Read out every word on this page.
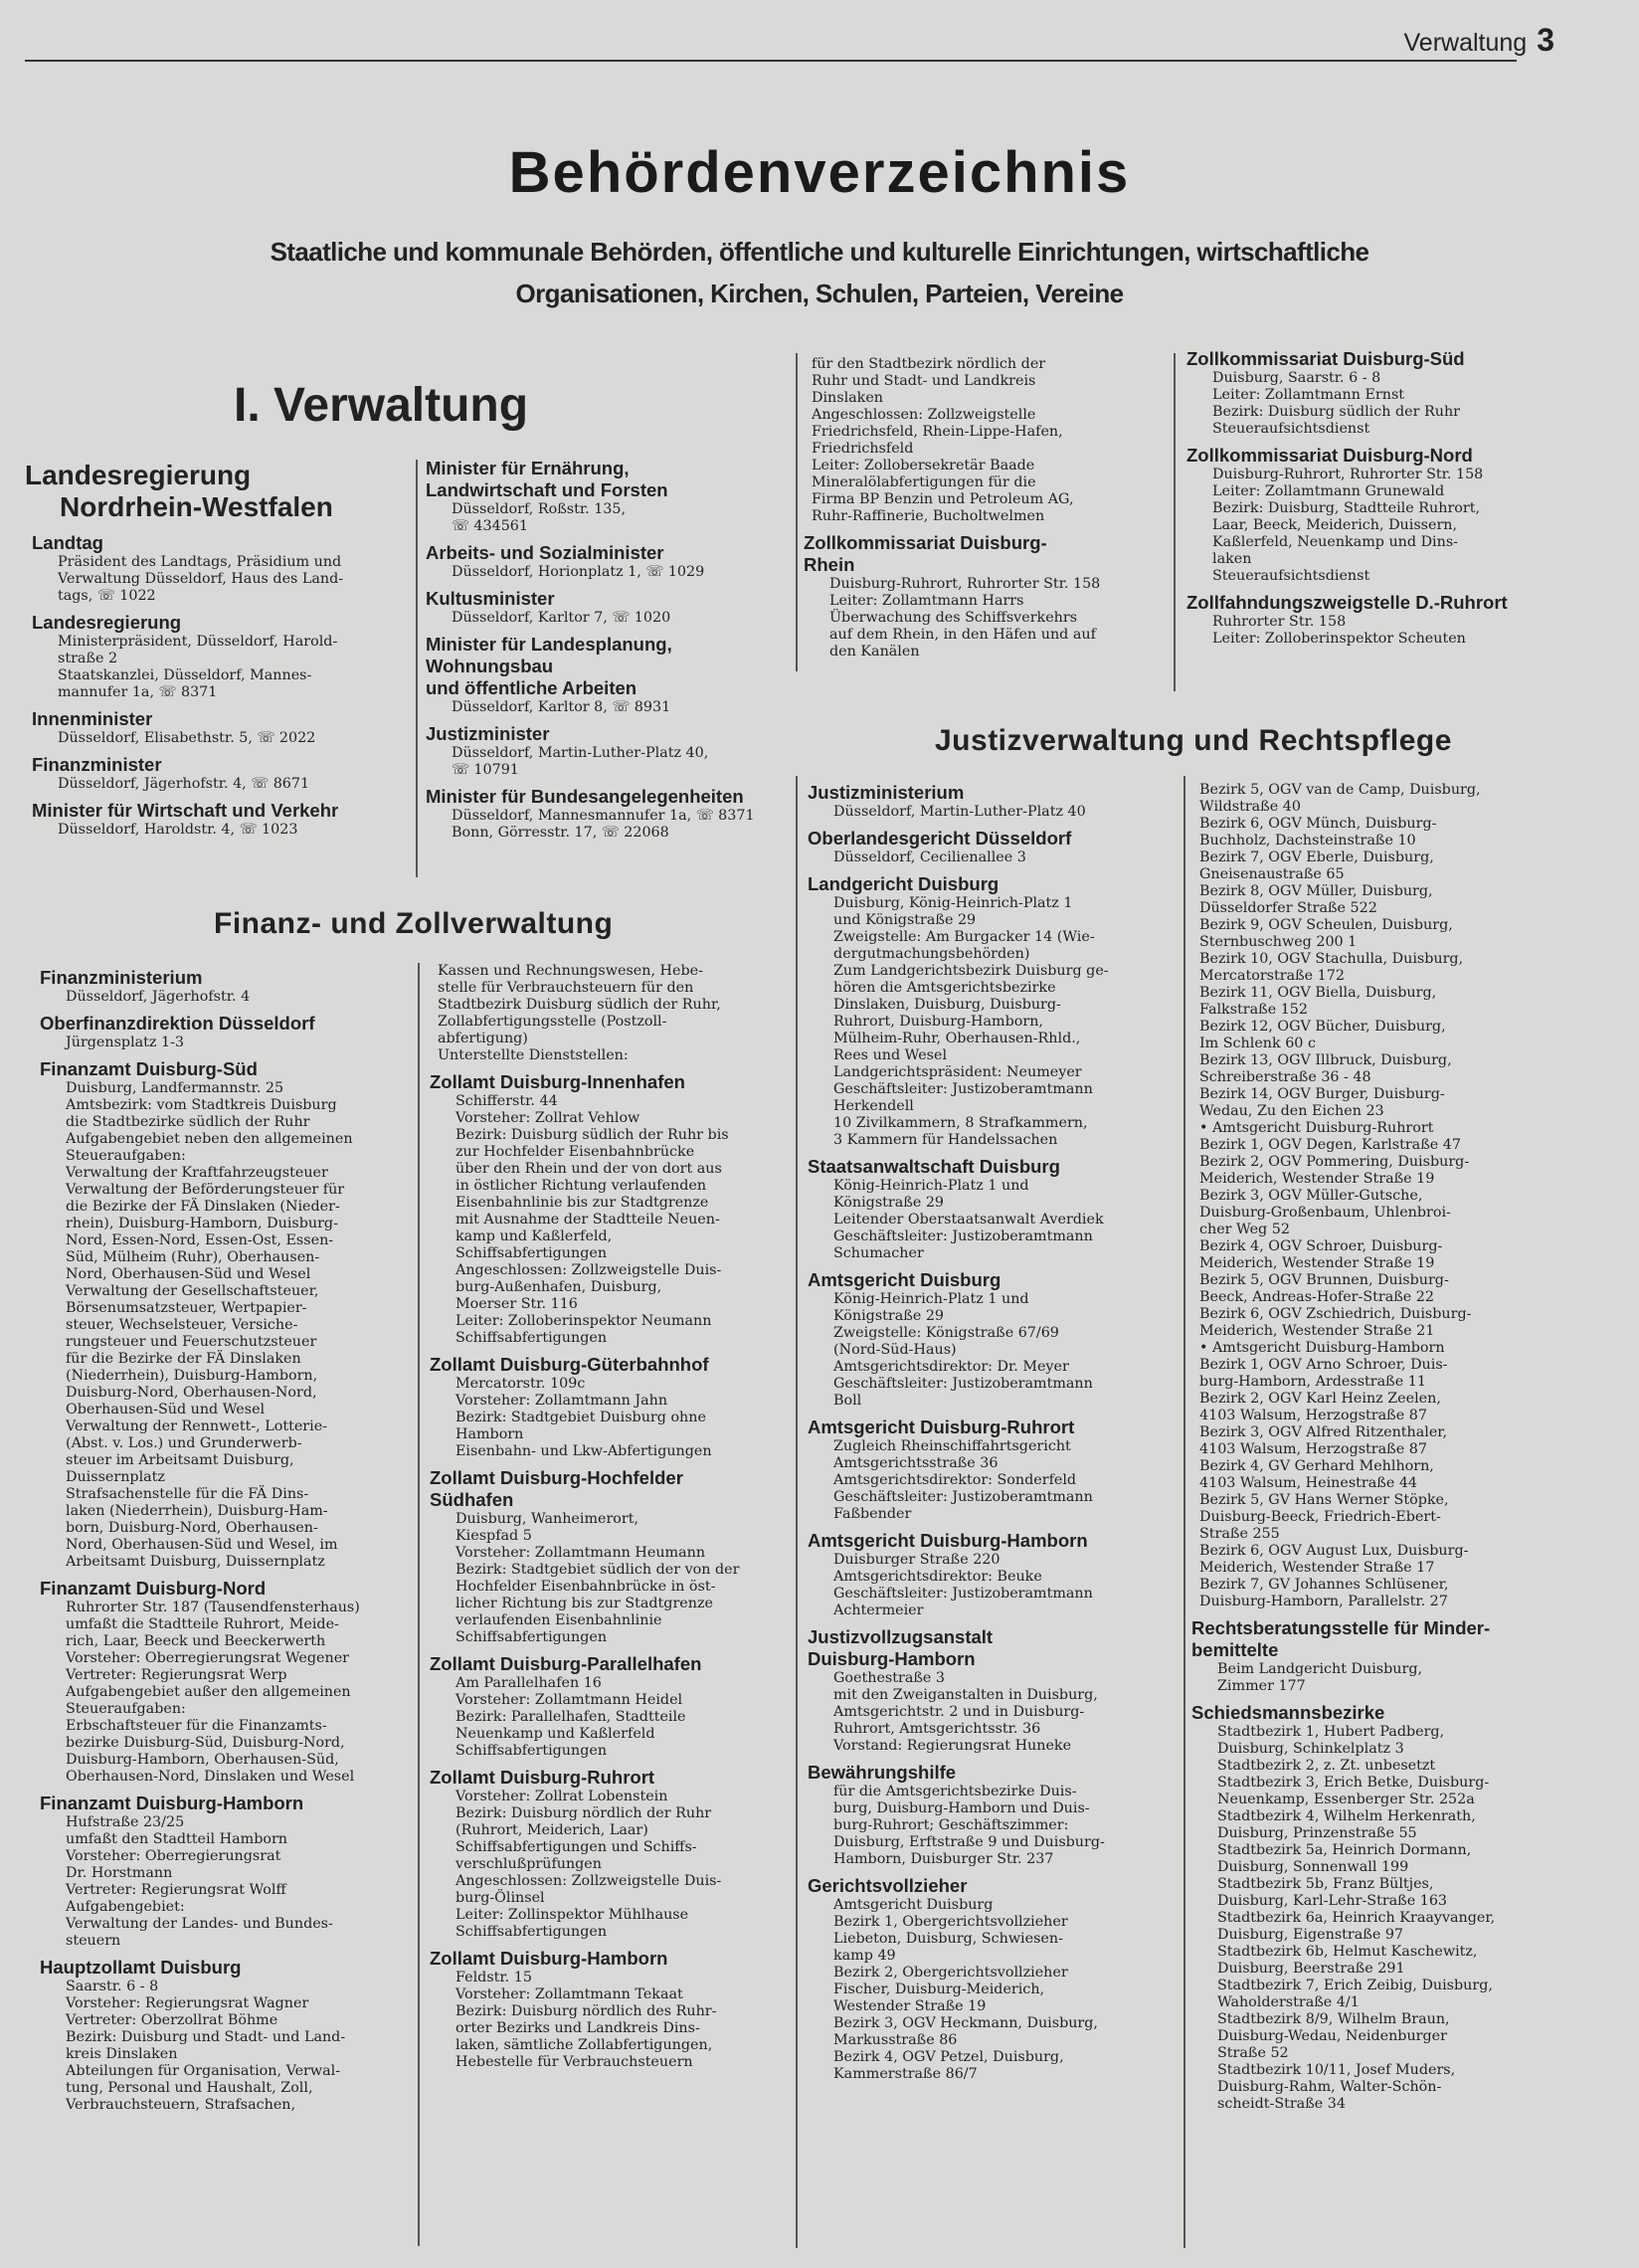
Verwaltung 3
Behördenverzeichnis
Staatliche und kommunale Behörden, öffentliche und kulturelle Einrichtungen, wirtschaftliche
Organisationen, Kirchen, Schulen, Parteien, Vereine
I. Verwaltung
Finanz- und Zollverwaltung
Justizverwaltung und Rechtspflege
Landesregierung
Nordrhein-Westfalen
Landtag
Präsident des Landtags, Präsidium und
Verwaltung Düsseldorf, Haus des Land-
tags, ☏ 1022
Landesregierung
Ministerpräsident, Düsseldorf, Harold-
straße 2
Staatskanzlei, Düsseldorf, Mannes-
mannufer 1a, ☏ 8371
Innenminister
Düsseldorf, Elisabethstr. 5, ☏ 2022
Finanzminister
Düsseldorf, Jägerhofstr. 4, ☏ 8671
Minister für Wirtschaft und Verkehr
Düsseldorf, Haroldstr. 4, ☏ 1023
Minister für Ernährung,
Landwirtschaft und Forsten
Düsseldorf, Roßstr. 135,
☏ 434561
Arbeits- und Sozialminister
Düsseldorf, Horionplatz 1, ☏ 1029
Kultusminister
Düsseldorf, Karltor 7, ☏ 1020
Minister für Landesplanung,
Wohnungsbau
und öffentliche Arbeiten
Düsseldorf, Karltor 8, ☏ 8931
Justizminister
Düsseldorf, Martin-Luther-Platz 40,
☏ 10791
Minister für Bundesangelegenheiten
Düsseldorf, Mannesmannufer 1a, ☏ 8371
Bonn, Görresstr. 17, ☏ 22068
für den Stadtbezirk nördlich der
Ruhr und Stadt- und Landkreis
Dinslaken
Angeschlossen: Zollzweigstelle
Friedrichsfeld, Rhein-Lippe-Hafen,
Friedrichsfeld
Leiter: Zollobersekretär Baade
Mineralölabfertigungen für die
Firma BP Benzin und Petroleum AG,
Ruhr-Raffinerie, Bucholtwelmen
Zollkommissariat Duisburg-
Rhein
Duisburg-Ruhrort, Ruhrorter Str. 158
Leiter: Zollamtmann Harrs
Überwachung des Schiffsverkehrs
auf dem Rhein, in den Häfen und auf
den Kanälen
Zollkommissariat Duisburg-Süd
Duisburg, Saarstr. 6 - 8
Leiter: Zollamtmann Ernst
Bezirk: Duisburg südlich der Ruhr
Steueraufsichtsdienst
Zollkommissariat Duisburg-Nord
Duisburg-Ruhrort, Ruhrorter Str. 158
Leiter: Zollamtmann Grunewald
Bezirk: Duisburg, Stadtteile Ruhrort,
Laar, Beeck, Meiderich, Duissern,
Kaßlerfeld, Neuenkamp und Dins-
laken
Steueraufsichtsdienst
Zollfahndungszweigstelle D.-Ruhrort
Ruhrorter Str. 158
Leiter: Zolloberinspektor Scheuten
Finanzministerium
Düsseldorf, Jägerhofstr. 4
Oberfinanzdirektion Düsseldorf
Jürgensplatz 1-3
Finanzamt Duisburg-Süd
Duisburg, Landfermannstr. 25
Amtsbezirk: vom Stadtkreis Duisburg
die Stadtbezirke südlich der Ruhr
Aufgabengebiet neben den allgemeinen
Steueraufgaben:
Verwaltung der Kraftfahrzeugsteuer
Verwaltung der Beförderungsteuer für
die Bezirke der FÄ Dinslaken (Nieder-
rhein), Duisburg-Hamborn, Duisburg-
Nord, Essen-Nord, Essen-Ost, Essen-
Süd, Mülheim (Ruhr), Oberhausen-
Nord, Oberhausen-Süd und Wesel
Verwaltung der Gesellschaftsteuer,
Börsenumsatzsteuer, Wertpapier-
steuer, Wechselsteuer, Versiche-
rungsteuer und Feuerschutzsteuer
für die Bezirke der FÄ Dinslaken
(Niederrhein), Duisburg-Hamborn,
Duisburg-Nord, Oberhausen-Nord,
Oberhausen-Süd und Wesel
Verwaltung der Rennwett-, Lotterie-
(Abst. v. Los.) und Grunderwerb-
steuer im Arbeitsamt Duisburg,
Duissernplatz
Strafsachenstelle für die FÄ Dins-
laken (Niederrhein), Duisburg-Ham-
born, Duisburg-Nord, Oberhausen-
Nord, Oberhausen-Süd und Wesel, im
Arbeitsamt Duisburg, Duissernplatz
Finanzamt Duisburg-Nord
Ruhrorter Str. 187 (Tausendfensterhaus)
umfaßt die Stadtteile Ruhrort, Meide-
rich, Laar, Beeck und Beeckerwerth
Vorsteher: Oberregierungsrat Wegener
Vertreter: Regierungsrat Werp
Aufgabengebiet außer den allgemeinen
Steueraufgaben:
Erbschaftsteuer für die Finanzamts-
bezirke Duisburg-Süd, Duisburg-Nord,
Duisburg-Hamborn, Oberhausen-Süd,
Oberhausen-Nord, Dinslaken und Wesel
Finanzamt Duisburg-Hamborn
Hufstraße 23/25
umfaßt den Stadtteil Hamborn
Vorsteher: Oberregierungsrat
Dr. Horstmann
Vertreter: Regierungsrat Wolff
Aufgabengebiet:
Verwaltung der Landes- und Bundes-
steuern
Hauptzollamt Duisburg
Saarstr. 6 - 8
Vorsteher: Regierungsrat Wagner
Vertreter: Oberzollrat Böhme
Bezirk: Duisburg und Stadt- und Land-
kreis Dinslaken
Abteilungen für Organisation, Verwal-
tung, Personal und Haushalt, Zoll,
Verbrauchsteuern, Strafsachen,
Kassen und Rechnungswesen, Hebe-
stelle für Verbrauchsteuern für den
Stadtbezirk Duisburg südlich der Ruhr,
Zollabfertigungsstelle (Postzoll-
abfertigung)
Unterstellte Dienststellen:
Zollamt Duisburg-Innenhafen
Schifferstr. 44
Vorsteher: Zollrat Vehlow
Bezirk: Duisburg südlich der Ruhr bis
zur Hochfelder Eisenbahnbrücke
über den Rhein und der von dort aus
in östlicher Richtung verlaufenden
Eisenbahnlinie bis zur Stadtgrenze
mit Ausnahme der Stadtteile Neuen-
kamp und Kaßlerfeld,
Schiffsabfertigungen
Angeschlossen: Zollzweigstelle Duis-
burg-Außenhafen, Duisburg,
Moerser Str. 116
Leiter: Zolloberinspektor Neumann
Schiffsabfertigungen
Zollamt Duisburg-Güterbahnhof
Mercatorstr. 109c
Vorsteher: Zollamtmann Jahn
Bezirk: Stadtgebiet Duisburg ohne
Hamborn
Eisenbahn- und Lkw-Abfertigungen
Zollamt Duisburg-Hochfelder
Südhafen
Duisburg, Wanheimerort,
Kiespfad 5
Vorsteher: Zollamtmann Heumann
Bezirk: Stadtgebiet südlich der von der
Hochfelder Eisenbahnbrücke in öst-
licher Richtung bis zur Stadtgrenze
verlaufenden Eisenbahnlinie
Schiffsabfertigungen
Zollamt Duisburg-Parallelhafen
Am Parallelhafen 16
Vorsteher: Zollamtmann Heidel
Bezirk: Parallelhafen, Stadtteile
Neuenkamp und Kaßlerfeld
Schiffsabfertigungen
Zollamt Duisburg-Ruhrort
Vorsteher: Zollrat Lobenstein
Bezirk: Duisburg nördlich der Ruhr
(Ruhrort, Meiderich, Laar)
Schiffsabfertigungen und Schiffs-
verschlußprüfungen
Angeschlossen: Zollzweigstelle Duis-
burg-Ölinsel
Leiter: Zollinspektor Mühlhause
Schiffsabfertigungen
Zollamt Duisburg-Hamborn
Feldstr. 15
Vorsteher: Zollamtmann Tekaat
Bezirk: Duisburg nördlich des Ruhr-
orter Bezirks und Landkreis Dins-
laken, sämtliche Zollabfertigungen,
Hebestelle für Verbrauchsteuern
Justizministerium
Düsseldorf, Martin-Luther-Platz 40
Oberlandesgericht Düsseldorf
Düsseldorf, Cecilienallee 3
Landgericht Duisburg
Duisburg, König-Heinrich-Platz 1
und Königstraße 29
Zweigstelle: Am Burgacker 14 (Wie-
dergutmachungsbehörden)
Zum Landgerichtsbezirk Duisburg ge-
hören die Amtsgerichtsbezirke
Dinslaken, Duisburg, Duisburg-
Ruhrort, Duisburg-Hamborn,
Mülheim-Ruhr, Oberhausen-Rhld.,
Rees und Wesel
Landgerichtspräsident: Neumeyer
Geschäftsleiter: Justizoberamtmann
Herkendell
10 Zivilkammern, 8 Strafkammern,
3 Kammern für Handelssachen
Staatsanwaltschaft Duisburg
König-Heinrich-Platz 1 und
Königstraße 29
Leitender Oberstaatsanwalt Averdiek
Geschäftsleiter: Justizoberamtmann
Schumacher
Amtsgericht Duisburg
König-Heinrich-Platz 1 und
Königstraße 29
Zweigstelle: Königstraße 67/69
(Nord-Süd-Haus)
Amtsgerichtsdirektor: Dr. Meyer
Geschäftsleiter: Justizoberamtmann
Boll
Amtsgericht Duisburg-Ruhrort
Zugleich Rheinschiffahrtsgericht
Amtsgerichtsstraße 36
Amtsgerichtsdirektor: Sonderfeld
Geschäftsleiter: Justizoberamtmann
Faßbender
Amtsgericht Duisburg-Hamborn
Duisburger Straße 220
Amtsgerichtsdirektor: Beuke
Geschäftsleiter: Justizoberamtmann
Achtermeier
Justizvollzugsanstalt
Duisburg-Hamborn
Goethestraße 3
mit den Zweiganstalten in Duisburg,
Amtsgerichtstr. 2 und in Duisburg-
Ruhrort, Amtsgerichtsstr. 36
Vorstand: Regierungsrat Huneke
Bewährungshilfe
für die Amtsgerichtsbezirke Duis-
burg, Duisburg-Hamborn und Duis-
burg-Ruhrort; Geschäftszimmer:
Duisburg, Erftstraße 9 und Duisburg-
Hamborn, Duisburger Str. 237
Gerichtsvollzieher
Amtsgericht Duisburg
Bezirk 1, Obergerichtsvollzieher
Liebeton, Duisburg, Schwiesen-
kamp 49
Bezirk 2, Obergerichtsvollzieher
Fischer, Duisburg-Meiderich,
Westender Straße 19
Bezirk 3, OGV Heckmann, Duisburg,
Markusstraße 86
Bezirk 4, OGV Petzel, Duisburg,
Kammerstraße 86/7
Bezirk 5, OGV van de Camp, Duisburg,
Wildstraße 40
Bezirk 6, OGV Münch, Duisburg-
Buchholz, Dachsteinstraße 10
Bezirk 7, OGV Eberle, Duisburg,
Gneisenaustraße 65
Bezirk 8, OGV Müller, Duisburg,
Düsseldorfer Straße 522
Bezirk 9, OGV Scheulen, Duisburg,
Sternbuschweg 200 1
Bezirk 10, OGV Stachulla, Duisburg,
Mercatorstraße 172
Bezirk 11, OGV Biella, Duisburg,
Falkstraße 152
Bezirk 12, OGV Bücher, Duisburg,
Im Schlenk 60 c
Bezirk 13, OGV Illbruck, Duisburg,
Schreiberstraße 36 - 48
Bezirk 14, OGV Burger, Duisburg-
Wedau, Zu den Eichen 23
• Amtsgericht Duisburg-Ruhrort
Bezirk 1, OGV Degen, Karlstraße 47
Bezirk 2, OGV Pommering, Duisburg-
Meiderich, Westender Straße 19
Bezirk 3, OGV Müller-Gutsche,
Duisburg-Großenbaum, Uhlenbroi-
cher Weg 52
Bezirk 4, OGV Schroer, Duisburg-
Meiderich, Westender Straße 19
Bezirk 5, OGV Brunnen, Duisburg-
Beeck, Andreas-Hofer-Straße 22
Bezirk 6, OGV Zschiedrich, Duisburg-
Meiderich, Westender Straße 21
• Amtsgericht Duisburg-Hamborn
Bezirk 1, OGV Arno Schroer, Duis-
burg-Hamborn, Ardesstraße 11
Bezirk 2, OGV Karl Heinz Zeelen,
4103 Walsum, Herzogstraße 87
Bezirk 3, OGV Alfred Ritzenthaler,
4103 Walsum, Herzogstraße 87
Bezirk 4, GV Gerhard Mehlhorn,
4103 Walsum, Heinestraße 44
Bezirk 5, GV Hans Werner Stöpke,
Duisburg-Beeck, Friedrich-Ebert-
Straße 255
Bezirk 6, OGV August Lux, Duisburg-
Meiderich, Westender Straße 17
Bezirk 7, GV Johannes Schlüsener,
Duisburg-Hamborn, Parallelstr. 27
Rechtsberatungsstelle für Minder-
bemittelte
Beim Landgericht Duisburg,
Zimmer 177
Schiedsmannsbezirke
Stadtbezirk 1, Hubert Padberg,
Duisburg, Schinkelplatz 3
Stadtbezirk 2, z. Zt. unbesetzt
Stadtbezirk 3, Erich Betke, Duisburg-
Neuenkamp, Essenberger Str. 252a
Stadtbezirk 4, Wilhelm Herkenrath,
Duisburg, Prinzenstraße 55
Stadtbezirk 5a, Heinrich Dormann,
Duisburg, Sonnenwall 199
Stadtbezirk 5b, Franz Bültjes,
Duisburg, Karl-Lehr-Straße 163
Stadtbezirk 6a, Heinrich Kraayvanger,
Duisburg, Eigenstraße 97
Stadtbezirk 6b, Helmut Kaschewitz,
Duisburg, Beerstraße 291
Stadtbezirk 7, Erich Zeibig, Duisburg,
Waholderstraße 4/1
Stadtbezirk 8/9, Wilhelm Braun,
Duisburg-Wedau, Neidenburger
Straße 52
Stadtbezirk 10/11, Josef Muders,
Duisburg-Rahm, Walter-Schön-
scheidt-Straße 34
